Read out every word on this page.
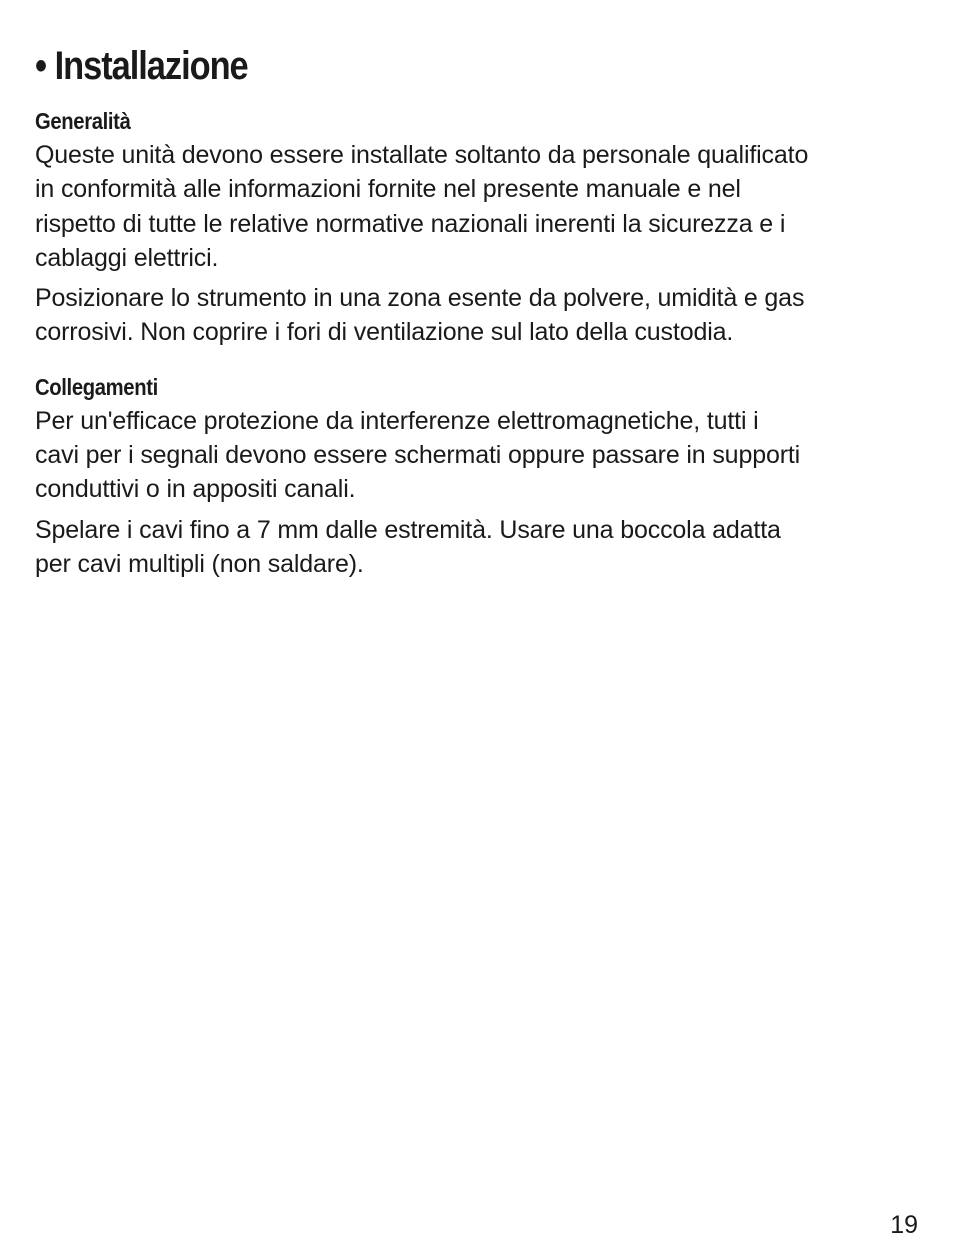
• Installazione
Generalità

Queste unità devono essere installate soltanto da personale qualificato
in conformità alle informazioni fornite nel presente manuale e nel
rispetto di tutte le relative normative nazionali inerenti la sicurezza e i
cablaggi elettrici.

Posizionare lo strumento in una zona esente da polvere, umidità e gas
corrosivi. Non coprire i fori di ventilazione sul lato della custodia.

Collegamenti

Per un'efficace protezione da interferenze elettromagnetiche, tutti i
cavi per i segnali devono essere schermati oppure passare in supporti
conduttivi o in appositi canali.

Spelare i cavi fino a 7 mm dalle estremità. Usare una boccola adatta
per cavi multipli (non saldare).

19
